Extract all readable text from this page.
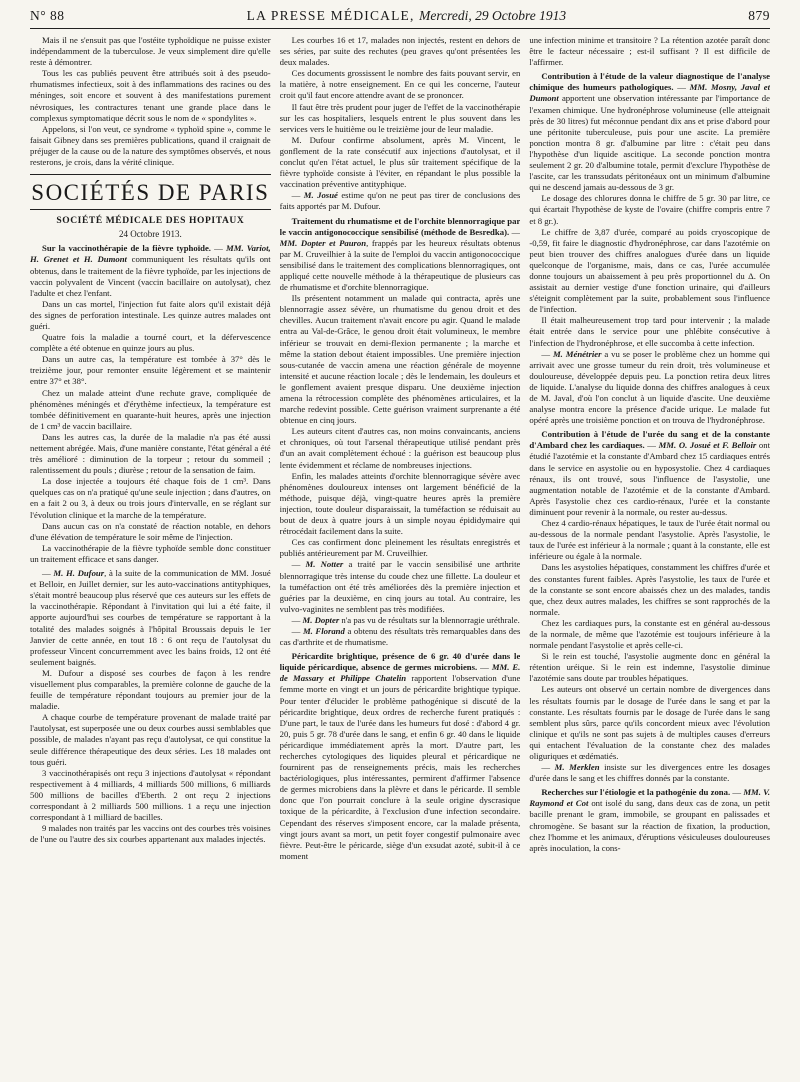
N° 88	LA PRESSE MÉDICALE, Mercredi, 29 Octobre 1913	879

Mais il ne s'ensuit pas que l'ostéite typhoïdique ne puisse exister indépendamment de la tuberculose. Je veux simplement dire qu'elle reste à démontrer.

Tous les cas publiés peuvent être attribués soit à des pseudo-rhumatismes infectieux, soit à des inflammations des racines ou des méninges, soit encore et souvent à des manifestations purement névrosiques, les contractures tenant une grande place dans le complexus symptomatique décrit sous le nom de « spondylites ».

Appelons, si l'on veut, ce syndrome « typhoïd spine », comme le faisait Gibney dans ses premières publications, quand il craignait de préjuger de la cause ou de la nature des symptômes observés, et nous resterons, je crois, dans la vérité clinique.

SOCIÉTÉS DE PARIS
SOCIÉTÉ MÉDICALE DES HOPITAUX
24 Octobre 1913.

Sur la vaccinothérapie de la fièvre typhoïde. — MM. Variot, H. Grenet et H. Dumont communiquent les résultats qu'ils ont obtenus, dans le traitement de la fièvre typhoïde, par les injections de vaccin polyvalent de Vincent (vaccin bacillaire on autolysat), chez l'adulte et chez l'enfant.

Dans un cas mortel, l'injection fut faite alors qu'il existait déjà des signes de perforation intestinale. Les quinze autres malades ont guéri.

Quatre fois la maladie a tourné court, et la défervescence complète a été obtenue en quinze jours au plus.

Dans un autre cas, la température est tombée à 37° dès le treizième jour, pour remonter ensuite légèrement et se maintenir entre 37° et 38°.

Chez un malade atteint d'une rechute grave, compliquée de phénomènes méningés et d'érythème infectieux, la température est tombée définitivement en quarante-huit heures, après une injection de 1 cm³ de vaccin bacillaire.

Dans les autres cas, la durée de la maladie n'a pas été aussi nettement abrégée. Mais, d'une manière constante, l'état général a été très amélioré : diminution de la torpeur ; retour du sommeil ; ralentissement du pouls ; diurèse ; retour de la sensation de faim.

La dose injectée a toujours été chaque fois de 1 cm³. Dans quelques cas on n'a pratiqué qu'une seule injection ; dans d'autres, on en a fait 2 ou 3, à deux ou trois jours d'intervalle, en se réglant sur l'évolution clinique et la marche de la température.

Dans aucun cas on n'a constaté de réaction notable, en dehors d'une élévation de température le soir même de l'injection.

La vaccinothérapie de la fièvre typhoïde semble donc constituer un traitement efficace et sans danger.

— M. H. Dufour, à la suite de la communication de MM. Josué et Belloir, en Juillet dernier, sur les auto-vaccinations antityphiques, s'était montré beaucoup plus réservé que ces auteurs sur les effets de la vaccinothérapie. Répondant à l'invitation qui lui a été faite, il apporte aujourd'hui ses courbes de température se rapportant à la totalité des malades soignés à l'hôpital Broussais depuis le 1er Janvier de cette année, en tout 18 : 6 ont reçu de l'autolysat du professeur Vincent concurremment avec les bains froids, 12 ont été seulement baignés.

M. Dufour a disposé ses courbes de façon à les rendre visuellement plus comparables, la première colonne de gauche de la feuille de température répondant toujours au premier jour de la maladie.

A chaque courbe de température provenant de malade traité par l'autolysat, est superposée une ou deux courbes aussi semblables que possible, de malades n'ayant pas reçu d'autolysat, ce qui constitue la seule différence thérapeutique des deux séries. Les 18 malades ont tous guéri.

3 vaccinothérapisés ont reçu 3 injections d'autolysat « répondant respectivement à 4 milliards, 4 milliards 500 millions, 6 milliards 500 millions de bacilles d'Eberth. 2 ont reçu 2 injections correspondant à 2 milliards 500 millions. 1 a reçu une injection correspondant à 1 milliard de bacilles.

9 malades non traités par les vaccins ont des courbes très voisines de l'une ou l'autre des six courbes appartenant aux malades injectés.

Les courbes 16 et 17, malades non injectés, restent en dehors de ses séries, par suite des rechutes (peu graves qu'ont présentées les deux malades.

Ces documents grossissent le nombre des faits pouvant servir, en la matière, à notre enseignement. En ce qui les concerne, l'auteur croit qu'il faut encore attendre avant de se prononcer.

Il faut être très prudent pour juger de l'effet de la vaccinothérapie sur les cas hospitaliers, lesquels entrent le plus souvent dans les services vers le huitième ou le treizième jour de leur maladie.

M. Dufour confirme absolument, après M. Vincent, le gonflement de la rate consécutif aux injections d'autolysat, et il conclut qu'en l'état actuel, le plus sûr traitement spécifique de la fièvre typhoïde consiste à l'éviter, en répandant le plus possible la vaccination préventive antityphique.

— M. Josué estime qu'on ne peut pas tirer de conclusions des faits apportés par M. Dufour.

Traitement du rhumatisme et de l'orchite blennorragique par le vaccin antigonococcique sensibilisé (méthode de Besredka). — MM. Dopter et Pauron, frappés par les heureux résultats obtenus par M. Cruveilhier à la suite de l'emploi du vaccin antigonococcique sensibilisé dans le traitement des complications blennorragiques, ont appliqué cette nouvelle méthode à la thérapeutique de plusieurs cas de rhumatisme et d'orchite blennorragique.

Ils présentent notamment un malade qui contracta, après une blennorragie assez sévère, un rhumatisme du genou droit et des chevilles. Aucun traitement n'avait encore pu agir. Quand le malade entra au Val-de-Grâce, le genou droit était volumineux, le membre inférieur se trouvait en demi-flexion permanente ; la marche et même la station debout étaient impossibles. Une première injection sous-cutanée de vaccin amena une réaction générale de moyenne intensité et aucune réaction locale ; dès le lendemain, les douleurs et le gonflement avaient presque disparu. Une deuxième injection amena la rétrocession complète des phénomènes articulaires, et la marche redevint possible. Cette guérison vraiment surprenante a été obtenue en cinq jours.

Les auteurs citent d'autres cas, non moins convaincants, anciens et chroniques, où tout l'arsenal thérapeutique utilisé pendant près d'un an avait complètement échoué : la guérison est beaucoup plus lente évidemment et réclame de nombreuses injections.

Enfin, les malades atteints d'orchite blennorragique sévère avec phénomènes douloureux intenses ont largement bénéficié de la méthode, puisque déjà, vingt-quatre heures après la première injection, toute douleur disparaissait, la tuméfaction se réduisait au bout de deux à quatre jours à un simple noyau épididymaire qui rétrocédait facilement dans la suite.

Ces cas confirment donc pleinement les résultats enregistrés et publiés antérieurement par M. Cruveilhier.

— M. Notter a traité par le vaccin sensibilisé une arthrite blennorragique très intense du coude chez une fillette. La douleur et la tuméfaction ont été très améliorées dès la première injection et guéries par la deuxième, en cinq jours au total. Au contraire, les vulvo-vaginites ne semblent pas très modifiées.

— M. Dopter n'a pas vu de résultats sur la blennorragie uréthrale.

— M. Florand a obtenu des résultats très remarquables dans des cas d'arthrite et de rhumatisme.

Péricardite brightique, présence de 6 gr. 40 d'urée dans le liquide péricardique, absence de germes microbiens. — MM. E. de Massary et Philippe Chatelin rapportent l'observation d'une femme morte en vingt et un jours de péricardite brightique typique. Pour tenter d'élucider le problème pathogénique si discuté de la péricardite brightique, deux ordres de recherche furent pratiqués : D'une part, le taux de l'urée dans les humeurs fut dosé : d'abord 4 gr. 20, puis 5 gr. 78 d'urée dans le sang, et enfin 6 gr. 40 dans le liquide péricardique immédiatement après la mort. D'autre part, les recherches cytologiques des liquides pleural et péricardique ne fournirent pas de renseignements précis, mais les recherches bactériologiques, plus intéressantes, permirent d'affirmer l'absence de germes microbiens dans la plèvre et dans le péricarde. Il semble donc que l'on pourrait conclure à la seule origine dyscrasique toxique de la péricardite, à l'exclusion d'une infection secondaire. Cependant des réserves s'imposent encore, car la malade présenta, vingt jours avant sa mort, un petit foyer congestif pulmonaire avec fièvre. Peut-être le péricarde, siège d'un exsudat azoté, subit-il à ce moment

une infection minime et transitoire ? La rétention azotée paraît donc être le facteur nécessaire ; est-il suffisant ? Il est difficile de l'affirmer.

Contribution à l'étude de la valeur diagnostique de l'analyse chimique des humeurs pathologiques. — MM. Mosny, Javal et Dumont apportent une observation intéressante par l'importance de l'examen chimique. Une hydronéphrose volumineuse (elle atteignait près de 30 litres) fut méconnue pendant dix ans et prise d'abord pour une péritonite tuberculeuse, puis pour une ascite. La première ponction montra 8 gr. d'albumine par litre : c'était peu dans l'hypothèse d'un liquide ascitique. La seconde ponction montra seulement 2 gr. 20 d'albumine totale, permit d'exclure l'hypothèse de l'ascite, car les transsudats péritonéaux ont un minimum d'albumine qui ne descend jamais au-dessous de 3 gr.

Le dosage des chlorures donna le chiffre de 5 gr. 30 par litre, ce qui écartait l'hypothèse de kyste de l'ovaire (chiffre compris entre 7 et 8 gr.).

Le chiffre de 3,87 d'urée, comparé au poids cryoscopique de -0,59, fit faire le diagnostic d'hydronéphrose, car dans l'azotémie on peut bien trouver des chiffres analogues d'urée dans un liquide quelconque de l'organisme, mais, dans ce cas, l'urée accumulée donne toujours un abaissement à peu près proportionnel du Δ. On assistait au dernier vestige d'une fonction urinaire, qui d'ailleurs s'éteignit complètement par la suite, probablement sous l'influence de l'infection.

Il était malheureusement trop tard pour intervenir ; la malade était entrée dans le service pour une phlébite consécutive à l'infection de l'hydronéphrose, et elle succomba à cette infection.

— M. Ménétrier a vu se poser le problème chez un homme qui arrivait avec une grosse tumeur du rein droit, très volumineuse et douloureuse, développée depuis peu. La ponction retira deux litres de liquide. L'analyse du liquide donna des chiffres analogues à ceux de M. Javal, d'où l'on conclut à un liquide d'ascite. Une deuxième analyse montra encore la présence d'acide urique. Le malade fut opéré après une troisième ponction et on trouva de l'hydronéphrose.

Contribution à l'étude de l'urée du sang et de la constante d'Ambard chez les cardiaques. — MM. O. Josué et F. Belloir ont étudié l'azotémie et la constante d'Ambard chez 15 cardiaques entrés dans le service en asystolie ou en hyposystolie. Chez 4 cardiaques rénaux, ils ont trouvé, sous l'influence de l'asystolie, une augmentation notable de l'azotémie et de la constante d'Ambard. Après l'asystolie chez ces cardio-rénaux, l'urée et la constante diminuent pour revenir à la normale, ou rester au-dessus.

Chez 4 cardio-rénaux hépatiques, le taux de l'urée était normal ou au-dessous de la normale pendant l'asystolie. Après l'asystolie, le taux de l'urée est inférieur à la normale ; quant à la constante, elle est inférieure ou égale à la normale.

Dans les asystolies hépatiques, constamment les chiffres d'urée et des constantes furent faibles. Après l'asystolie, les taux de l'urée et de la constante se sont encore abaissés chez un des malades, tandis que, chez deux autres malades, les chiffres se sont rapprochés de la normale.

Chez les cardiaques purs, la constante est en général au-dessous de la normale, de même que l'azotémie est toujours inférieure à la normale pendant l'asystolie et après celle-ci.

Si le rein est touché, l'asystolie augmente donc en général la rétention uréique. Si le rein est indemne, l'asystolie diminue l'azotémie sans doute par troubles hépatiques.

Les auteurs ont observé un certain nombre de divergences dans les résultats fournis par le dosage de l'urée dans le sang et par la constante. Les résultats fournis par le dosage de l'urée dans le sang semblent plus sûrs, parce qu'ils concordent mieux avec l'évolution clinique et qu'ils ne sont pas sujets à de multiples causes d'erreurs qui entachent l'évaluation de la constante chez des malades oliguriques et œdématiés.

— M. Merklen insiste sur les divergences entre les dosages d'urée dans le sang et les chiffres donnés par la constante.

Recherches sur l'étiologie et la pathogénie du zona. — MM. V. Raymond et Cot ont isolé du sang, dans deux cas de zona, un petit bacille prenant le gram, immobile, se groupant en palissades et chromogène. Se basant sur la réaction de fixation, la production, chez l'homme et les animaux, d'éruptions vésiculeuses douloureuses après inoculation, la cons-
